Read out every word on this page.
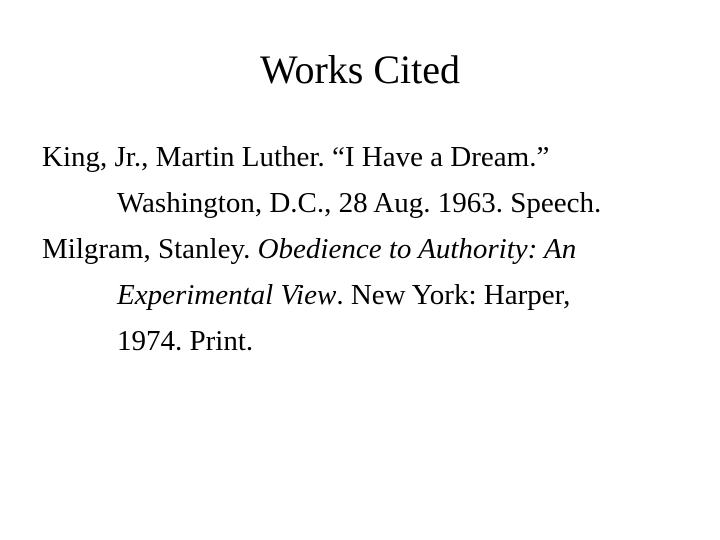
Works Cited
King, Jr., Martin Luther. “I Have a Dream.”
Washington, D.C., 28 Aug. 1963. Speech.
Milgram, Stanley. Obedience to Authority: An
Experimental View. New York: Harper,
1974. Print.
